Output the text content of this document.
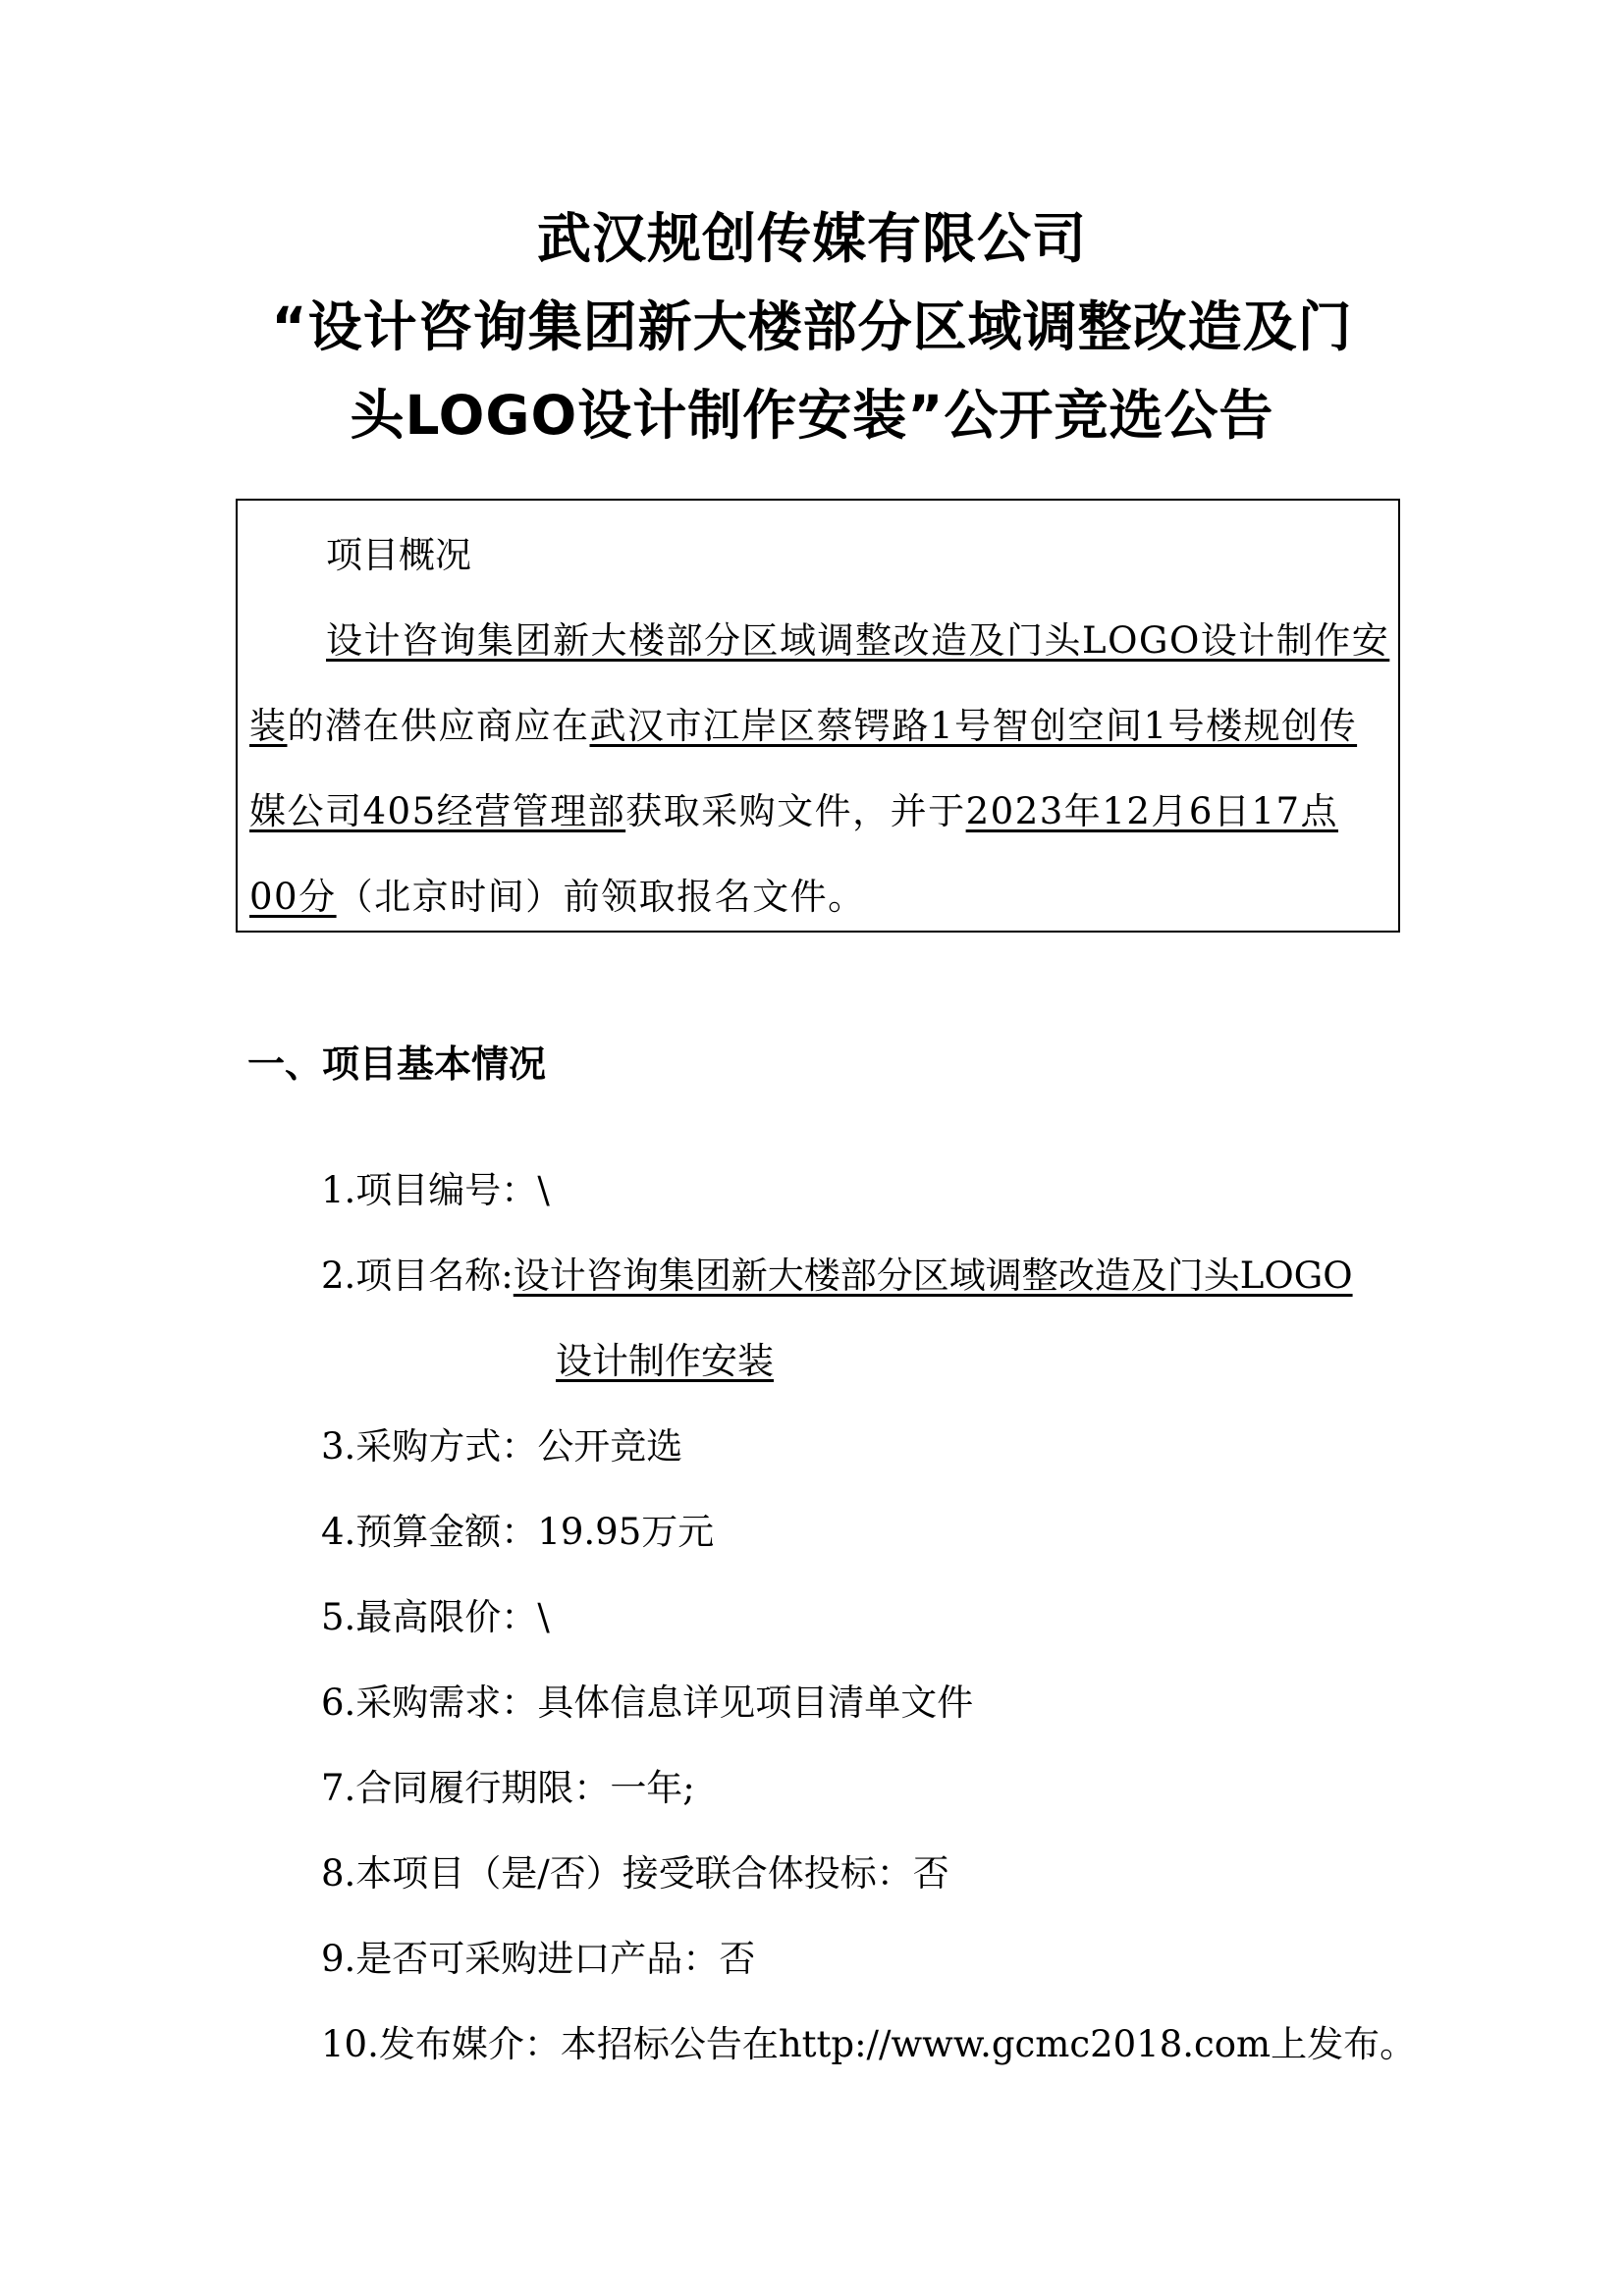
武汉规创传媒有限公司
“设计咨询集团新大楼部分区域调整改造及门
头LOGO设计制作安装”公开竞选公告

项目概况

设计咨询集团新大楼部分区域调整改造及门头LOGO设计制作安

装的潜在供应商应在武汉市江岸区蔡锷路1号智创空间1号楼规创传

媒公司405经营管理部获取采购文件，并于2023年12月6日17点

00分（北京时间）前领取报名文件。

一、项目基本情况
1.项目编号：\
2.项目名称:设计咨询集团新大楼部分区域调整改造及门头LOGO
设计制作安装
3.采购方式：公开竞选
4.预算金额：19.95万元
5.最高限价：\
6.采购需求：具体信息详见项目清单文件
7.合同履行期限：一年;
8.本项目（是/否）接受联合体投标：否
9.是否可采购进口产品：否
10.发布媒介：本招标公告在http://www.gcmc2018.com上发布。
